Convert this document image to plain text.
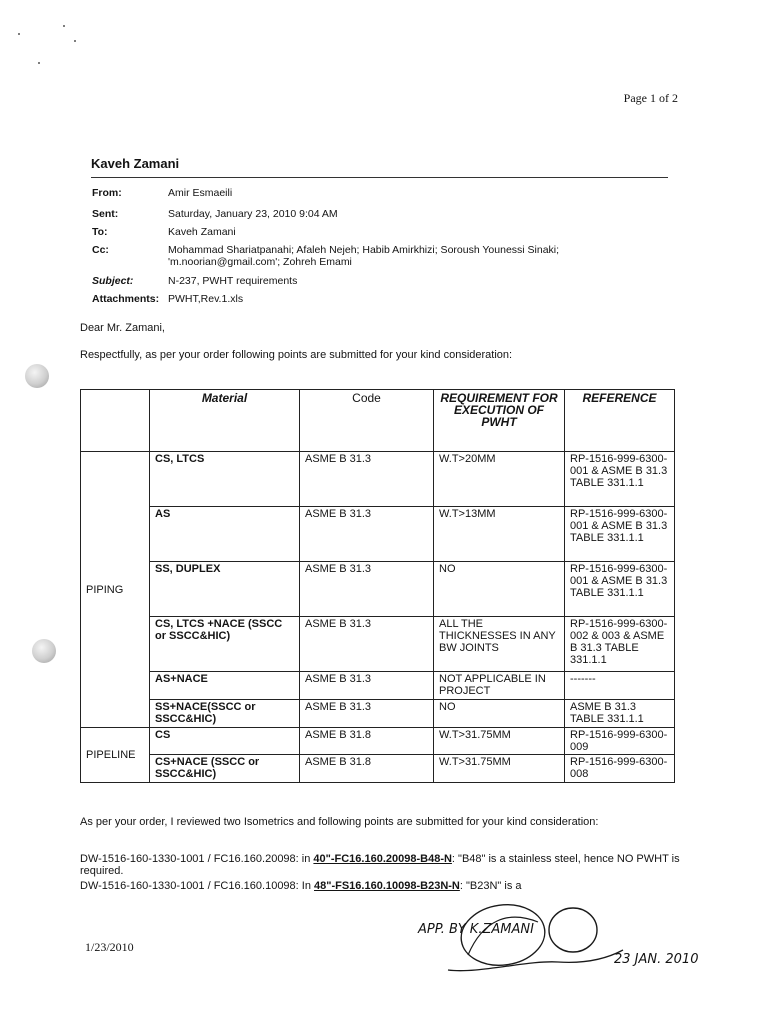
Page 1 of 2
Kaveh Zamani
From:	Amir Esmaeili
Sent:	Saturday, January 23, 2010 9:04 AM
To:	Kaveh Zamani
Cc:	Mohammad Shariatpanahi; Afaleh Nejeh; Habib Amirkhizi; Soroush Younessi Sinaki; 'm.noorian@gmail.com'; Zohreh Emami
Subject:	N-237, PWHT requirements
Attachments: PWHT,Rev.1.xls
Dear Mr. Zamani,
Respectfully, as per your order following points are submitted for your kind consideration:
	Material	Code	REQUIREMENT FOR EXECUTION OF PWHT	REFERENCE
PIPING	CS, LTCS	ASME B 31.3	W.T>20MM	RP-1516-999-6300-001 & ASME B 31.3 TABLE 331.1.1
	AS	ASME B 31.3	W.T>13MM	RP-1516-999-6300-001 & ASME B 31.3 TABLE 331.1.1
	SS, DUPLEX	ASME B 31.3	NO	RP-1516-999-6300-001 & ASME B 31.3 TABLE 331.1.1
	CS, LTCS +NACE (SSCC or SSCC&HIC)	ASME B 31.3	ALL THE THICKNESSES IN ANY BW JOINTS	RP-1516-999-6300-002 & 003 & ASME B 31.3 TABLE 331.1.1
	AS+NACE	ASME B 31.3	NOT APPLICABLE IN PROJECT	-------
	SS+NACE(SSCC or SSCC&HIC)	ASME B 31.3	NO	ASME B 31.3 TABLE 331.1.1
PIPELINE	CS	ASME B 31.8	W.T>31.75MM	RP-1516-999-6300-009
	CS+NACE (SSCC or SSCC&HIC)	ASME B 31.8	W.T>31.75MM	RP-1516-999-6300-008
As per your order, I reviewed two Isometrics and following points are submitted for your kind consideration:
DW-1516-160-1330-1001 / FC16.160.20098: in 40"-FC16.160.20098-B48-N: "B48" is a stainless steel, hence NO PWHT is required.
DW-1516-160-1330-1001 / FC16.160.10098: In 48"-FS16.160.10098-B23N-N: "B23N" is a
1/23/2010
APP. BY K.ZAMANI
23 JAN. 2010
